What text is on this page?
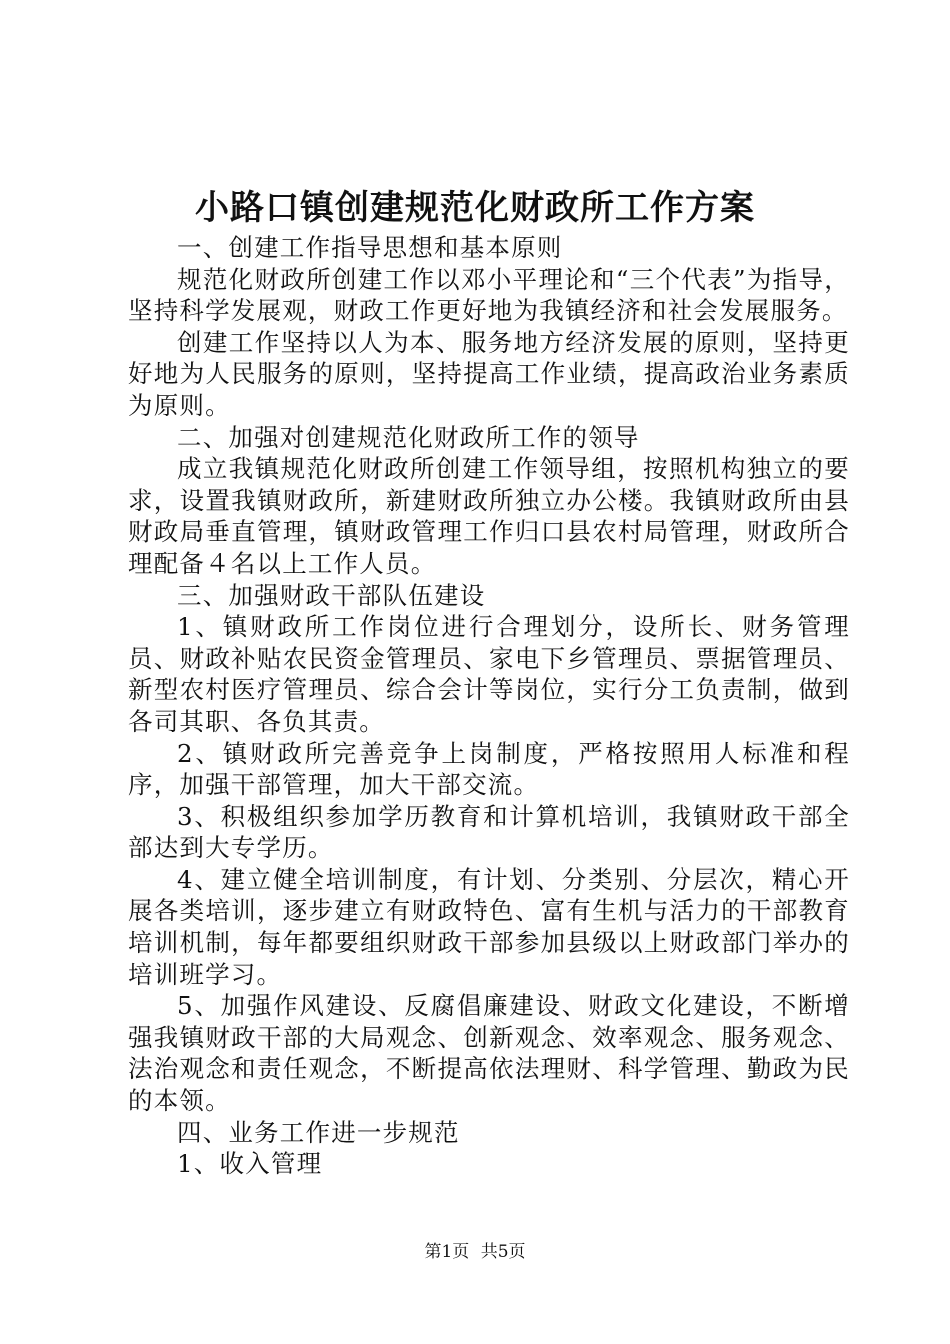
小路口镇创建规范化财政所工作方案

一、创建工作指导思想和基本原则

规范化财政所创建工作以邓小平理论和“三个代表”为指导，坚持科学发展观，财政工作更好地为我镇经济和社会发展服务。

创建工作坚持以人为本、服务地方经济发展的原则，坚持更好地为人民服务的原则，坚持提高工作业绩，提高政治业务素质为原则。

二、加强对创建规范化财政所工作的领导

成立我镇规范化财政所创建工作领导组，按照机构独立的要求，设置我镇财政所，新建财政所独立办公楼。我镇财政所由县财政局垂直管理，镇财政管理工作归口县农村局管理，财政所合理配备４名以上工作人员。

三、加强财政干部队伍建设

1、镇财政所工作岗位进行合理划分，设所长、财务管理员、财政补贴农民资金管理员、家电下乡管理员、票据管理员、新型农村医疗管理员、综合会计等岗位，实行分工负责制，做到各司其职、各负其责。

2、镇财政所完善竞争上岗制度，严格按照用人标准和程序，加强干部管理，加大干部交流。

3、积极组织参加学历教育和计算机培训，我镇财政干部全部达到大专学历。

4、建立健全培训制度，有计划、分类别、分层次，精心开展各类培训，逐步建立有财政特色、富有生机与活力的干部教育培训机制，每年都要组织财政干部参加县级以上财政部门举办的培训班学习。

5、加强作风建设、反腐倡廉建设、财政文化建设，不断增强我镇财政干部的大局观念、创新观念、效率观念、服务观念、法治观念和责任观念，不断提高依法理财、科学管理、勤政为民的本领。

四、业务工作进一步规范

1、收入管理

第1页 共5页
